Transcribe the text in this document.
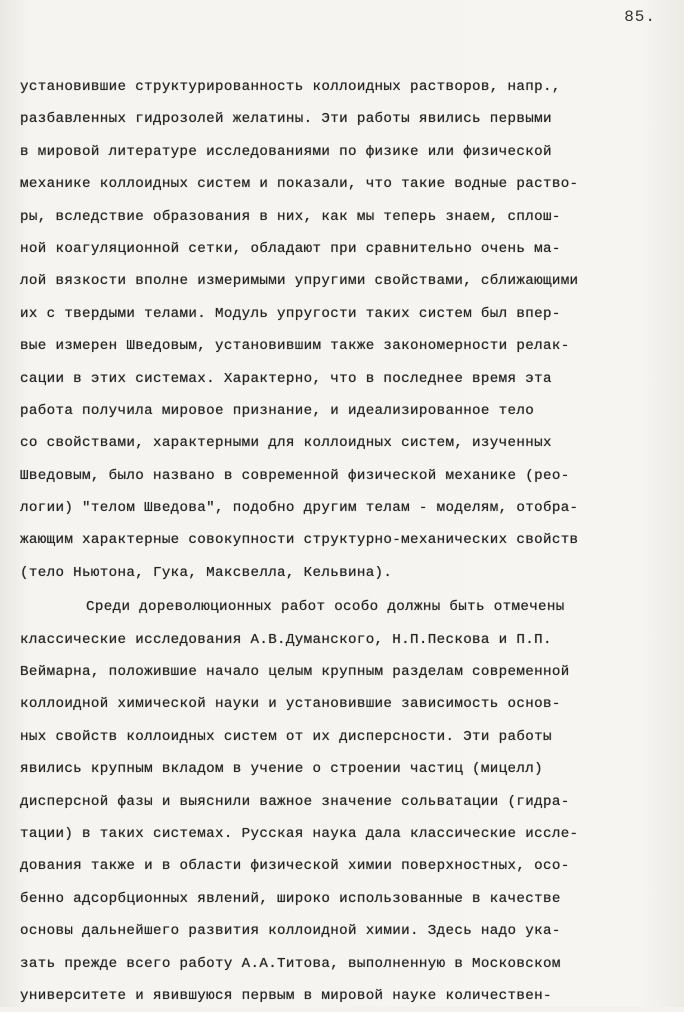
85.
установившие структурированность коллоидных растворов, напр.,
разбавленных гидрозолей желатины. Эти работы явились первыми
в мировой литературе исследованиями по физике или физической
механике коллоидных систем и показали, что такие водные раство-
ры, вследствие образования в них, как мы теперь знаем, сплош-
ной коагуляционной сетки, обладают при сравнительно очень ма-
лой вязкости вполне измеримыми упругими свойствами, сближающими
их с твердыми телами. Модуль упругости таких систем был впер-
вые измерен Шведовым, установившим также закономерности релак-
сации в этих системах. Характерно, что в последнее время эта
работа получила мировое признание, и идеализированное тело
со свойствами, характерными для коллоидных систем, изученных
Шведовым, было названо в современной физической механике (рео-
логии) "телом Шведова", подобно другим телам - моделям, отобра-
жающим характерные совокупности структурно-механических свойств
(тело Ньютона, Гука, Максвелла, Кельвина).
Среди дореволюционных работ особо должны быть отмечены
классические исследования А.В.Думанского, Н.П.Пескова и П.П.
Веймарна, положившие начало целым крупным разделам современной
коллоидной химической науки и установившие зависимость основ-
ных свойств коллоидных систем от их дисперсности. Эти работы
явились крупным вкладом в учение о строении частиц (мицелл)
дисперсной фазы и выяснили важное значение сольватации (гидра-
тации) в таких системах. Русская наука дала классические иссле-
дования также и в области физической химии поверхностных, осо-
бенно адсорбционных явлений, широко использованные в качестве
основы дальнейшего развития коллоидной химии. Здесь надо ука-
зать прежде всего работу А.А.Титова, выполненную в Московском
университете и явившуюся первым в мировой науке количествен-
